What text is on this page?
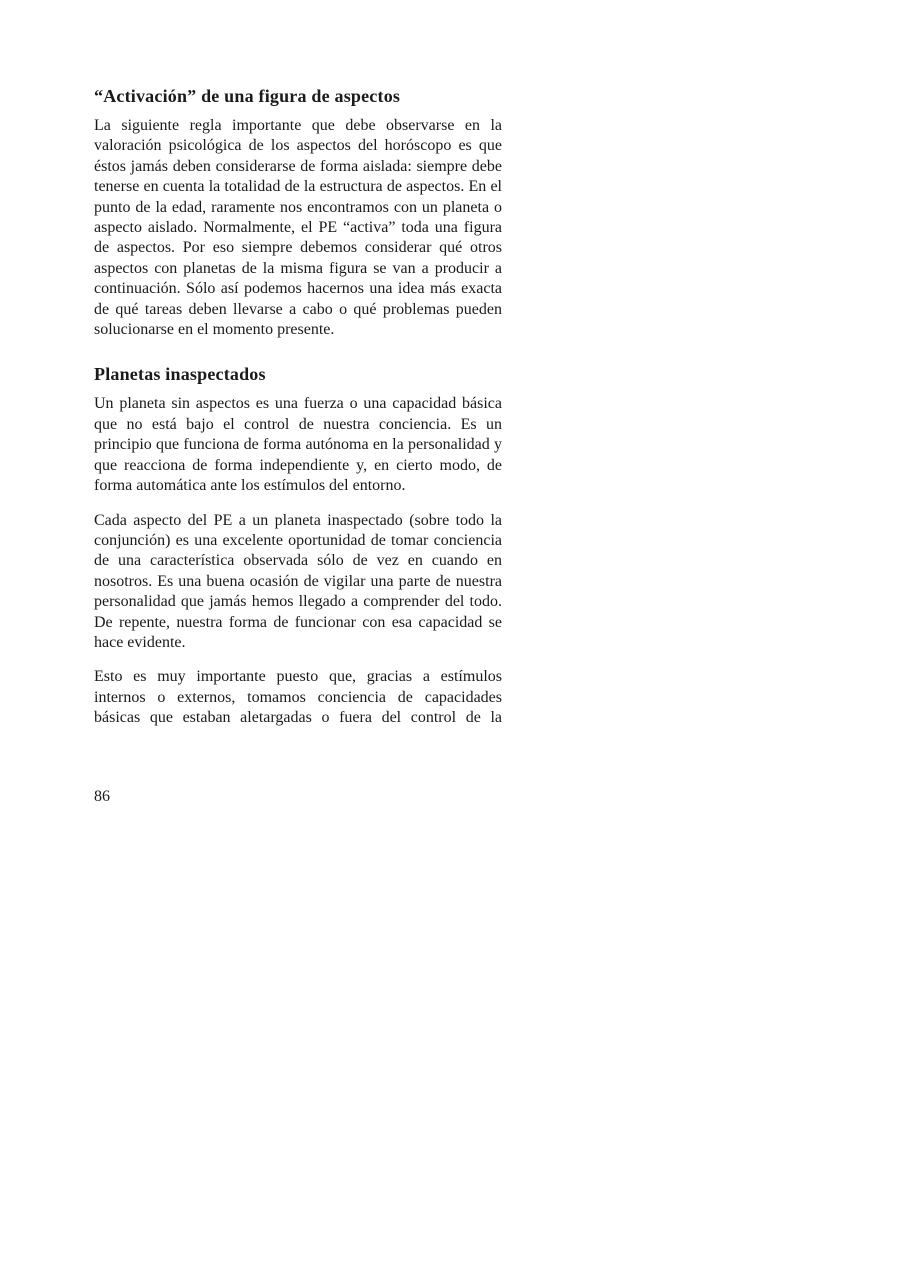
“Activación” de una figura de aspectos

La siguiente regla importante que debe observarse en la valoración psicológica de los aspectos del horóscopo es que éstos jamás deben considerarse de forma aislada: siempre debe tenerse en cuenta la totalidad de la estructura de aspectos. En el punto de la edad, raramente nos encontramos con un planeta o aspecto aislado. Normalmente, el PE “activa” toda una figura de aspectos. Por eso siempre debemos considerar qué otros aspectos con planetas de la misma figura se van a producir a continuación. Sólo así podemos hacernos una idea más exacta de qué tareas deben llevarse a cabo o qué problemas pueden solucionarse en el momento presente.

Planetas inaspectados

Un planeta sin aspectos es una fuerza o una capacidad básica que no está bajo el control de nuestra conciencia. Es un principio que funciona de forma autónoma en la personalidad y que reacciona de forma independiente y, en cierto modo, de forma automática ante los estímulos del entorno.

Cada aspecto del PE a un planeta inaspectado (sobre todo la conjunción) es una excelente oportunidad de tomar conciencia de una característica observada sólo de vez en cuando en nosotros. Es una buena ocasión de vigilar una parte de nuestra personalidad que jamás hemos llegado a comprender del todo. De repente, nuestra forma de funcionar con esa capacidad se hace evidente.

Esto es muy importante puesto que, gracias a estímulos internos o externos, tomamos conciencia de capacidades básicas que estaban aletargadas o fuera del control de la

86
